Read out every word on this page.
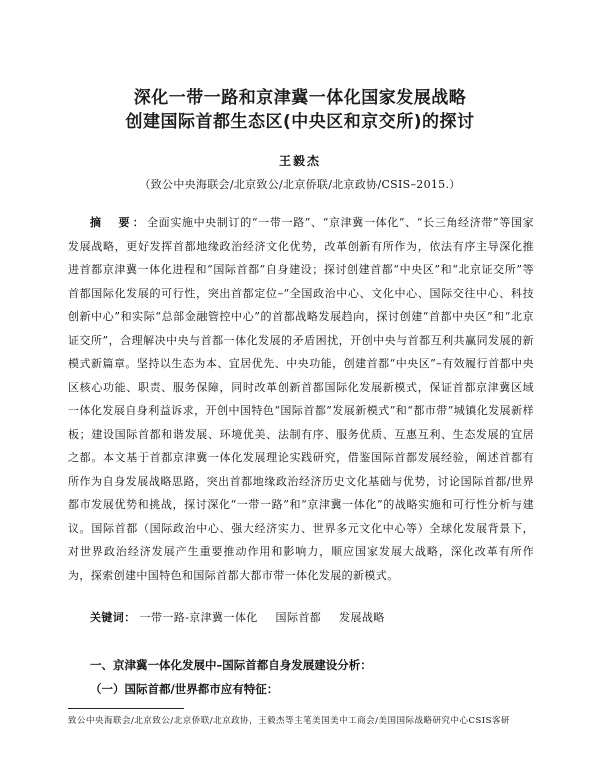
深化一带一路和京津冀一体化国家发展战略
创建国际首都生态区(中央区和京交所)的探讨
王毅杰
（致公中央海联会/北京致公/北京侨联/北京政协/CSIS–2015.）
摘　要：全面实施中央制订的“一带一路”、“京津冀一体化”、“长三角经济带”等国家发展战略，更好发挥首都地缘政治经济文化优势，改革创新有所作为，依法有序主导深化推进首都京津冀一体化进程和“国际首都”自身建设；探讨创建首都“中央区”和“北京证交所”等首都国际化发展的可行性，突出首都定位–“全国政治中心、文化中心、国际交往中心、科技创新中心”和实际“总部金融管控中心”的首都战略发展趋向，探讨创建“首都中央区”和“北京证交所”，合理解决中央与首都一体化发展的矛盾困扰，开创中央与首都互利共赢同发展的新模式新篇章。坚持以生态为本、宜居优先、中央功能，创建首都“中央区”–有效履行首都中央区核心功能、职责、服务保障，同时改革创新首都国际化发展新模式，保证首都京津冀区域一体化发展自身利益诉求，开创中国特色“国际首都”发展新模式”和“都市带”城镇化发展新样板；建设国际首都和谐发展、环境优美、法制有序、服务优质、互惠互利、生态发展的宜居之都。本文基于首都京津冀一体化发展理论实践研究，借鉴国际首都发展经验，阐述首都有所作为自身发展战略思路，突出首都地缘政治经济历史文化基础与优势，讨论国际首都/世界都市发展优势和挑战，探讨深化“一带一路”和“京津冀一体化”的战略实施和可行性分析与建议。国际首都（国际政治中心、强大经济实力、世界多元文化中心等）全球化发展背景下，对世界政治经济发展产生重要推动作用和影响力，顺应国家发展大战略，深化改革有所作为，探索创建中国特色和国际首都大都市带一体化发展的新模式。
关键词： 一带一路-京津冀一体化 国际首都 发展战略
一、京津冀一体化发展中–国际首都自身发展建设分析：
（一）国际首都/世界都市应有特征：
致公中央海联会/北京致公/北京侨联/北京政协，王毅杰等主笔美国美中工商会/美国国际战略研究中心CSIS客研
